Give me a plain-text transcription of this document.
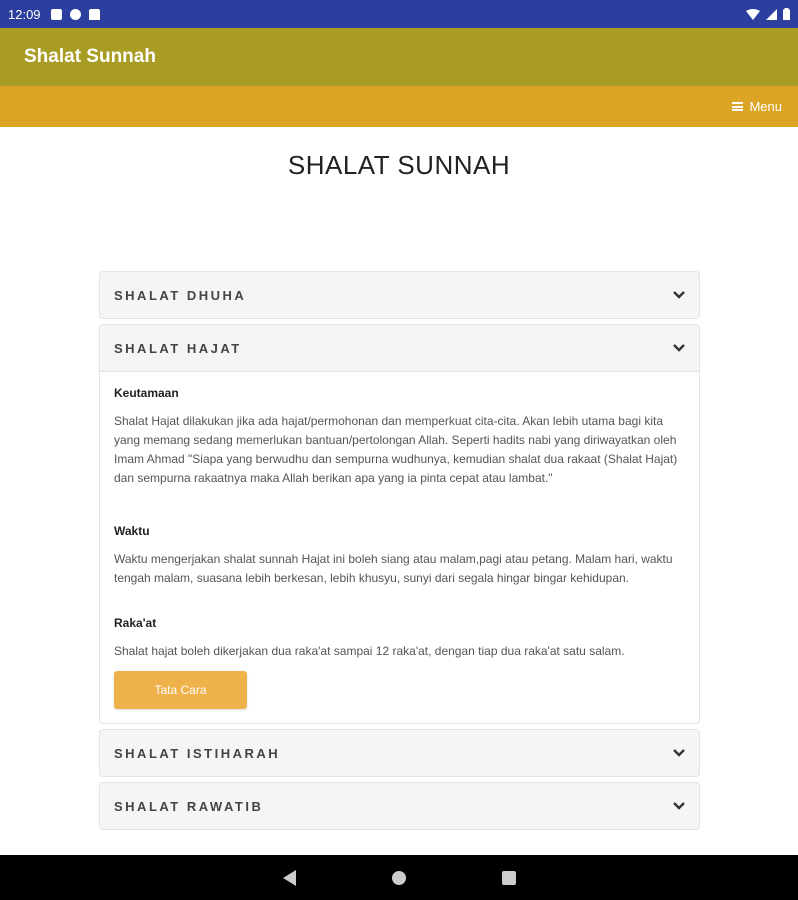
12:09
Shalat Sunnah
Menu
SHALAT SUNNAH
SHALAT DHUHA
SHALAT HAJAT
Keutamaan

Shalat Hajat dilakukan jika ada hajat/permohonan dan memperkuat cita-cita. Akan lebih utama bagi kita yang memang sedang memerlukan bantuan/pertolongan Allah. Seperti hadits nabi yang diriwayatkan oleh Imam Ahmad "Siapa yang berwudhu dan sempurna wudhunya, kemudian shalat dua rakaat (Shalat Hajat) dan sempurna rakaatnya maka Allah berikan apa yang ia pinta cepat atau lambat."

Waktu

Waktu mengerjakan shalat sunnah Hajat ini boleh siang atau malam,pagi atau petang. Malam hari, waktu tengah malam, suasana lebih berkesan, lebih khusyu, sunyi dari segala hingar bingar kehidupan.

Raka'at

Shalat hajat boleh dikerjakan dua raka'at sampai 12 raka'at, dengan tiap dua raka'at satu salam.

Tata Cara
SHALAT ISTIHARAH
SHALAT RAWATIB
